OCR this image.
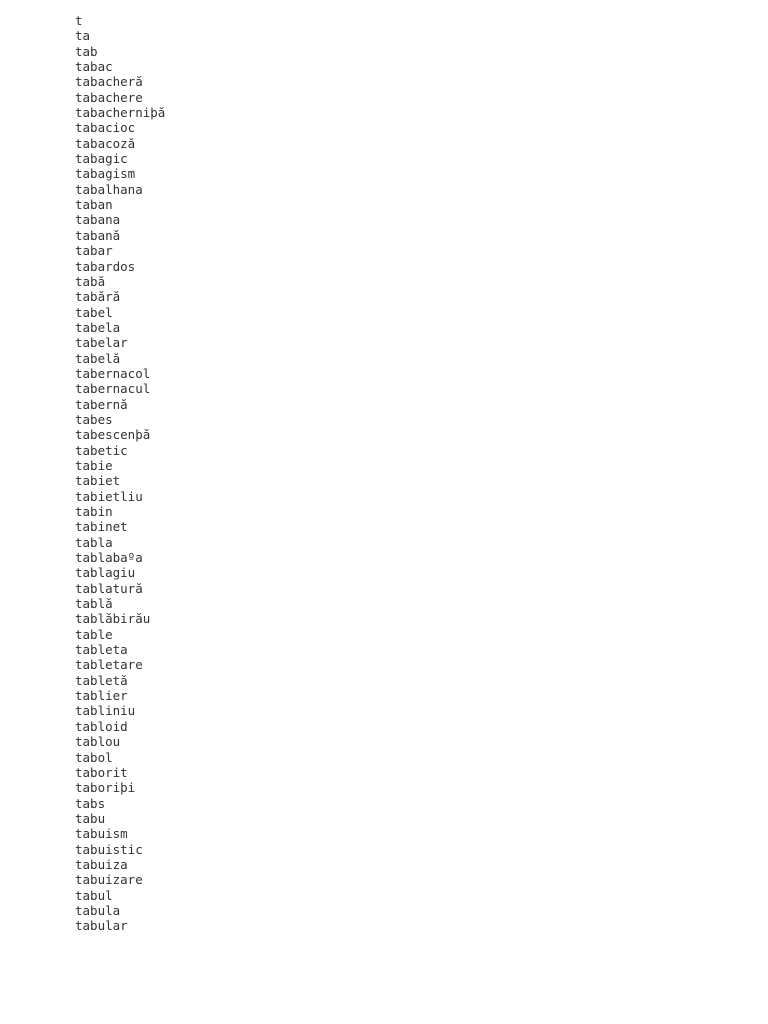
t
ta
tab
tabac
tabacheră
tabachere
tabacherniþă
tabacioc
tabacoză
tabagic
tabagism
tabalhana
taban
tabana
tabană
tabar
tabardos
tabă
tabără
tabel
tabela
tabelar
tabelă
tabernacol
tabernacul
tabernă
tabes
tabescenþă
tabetic
tabie
tabiet
tabietliu
tabin
tabinet
tabla
tablabaºa
tablagiu
tablatură
tablă
tablăbirău
table
tableta
tabletare
tabletă
tablier
tabliniu
tabloid
tablou
tabol
taborit
taboriþi
tabs
tabu
tabuism
tabuistic
tabuiza
tabuizare
tabul
tabula
tabular
